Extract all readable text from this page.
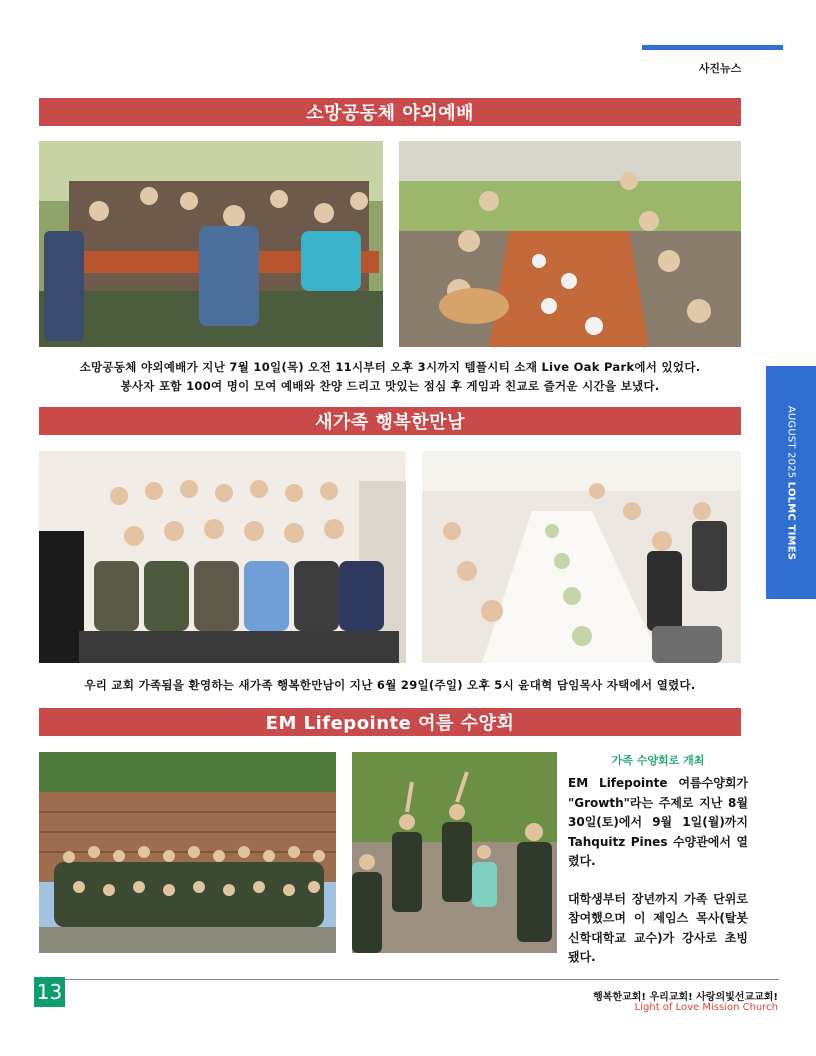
사진뉴스
AUGUST 2025 LOLMC TIMES
소망공동체 야외예배
소망공동체 야외예배가 지난 7월 10일(목) 오전 11시부터 오후 3시까지 템플시티 소재 Live Oak Park에서 있었다.
봉사자 포함 100여 명이 모여 예배와 찬양 드리고 맛있는 점심 후 게임과 친교로 즐거운 시간을 보냈다.
새가족 행복한만남
우리 교회 가족됨을 환영하는 새가족 행복한만남이 지난 6월 29일(주일) 오후 5시 윤대혁 담임목사 자택에서 열렸다.
EM Lifepointe 여름 수양회
가족 수양회로 개최

EM Lifepointe 여름수양회가 "Growth"라는 주제로 지난 8월 30일(토)에서 9월 1일(월)까지 Tahquitz Pines 수양관에서 열렸다.

대학생부터 장년까지 가족 단위로 참여했으며 이 제임스 목사(탈봇신학대학교 교수)가 강사로 초빙됐다.

13	행복한교회! 우리교회! 사랑의빛선교교회!
Light of Love Mission Church
